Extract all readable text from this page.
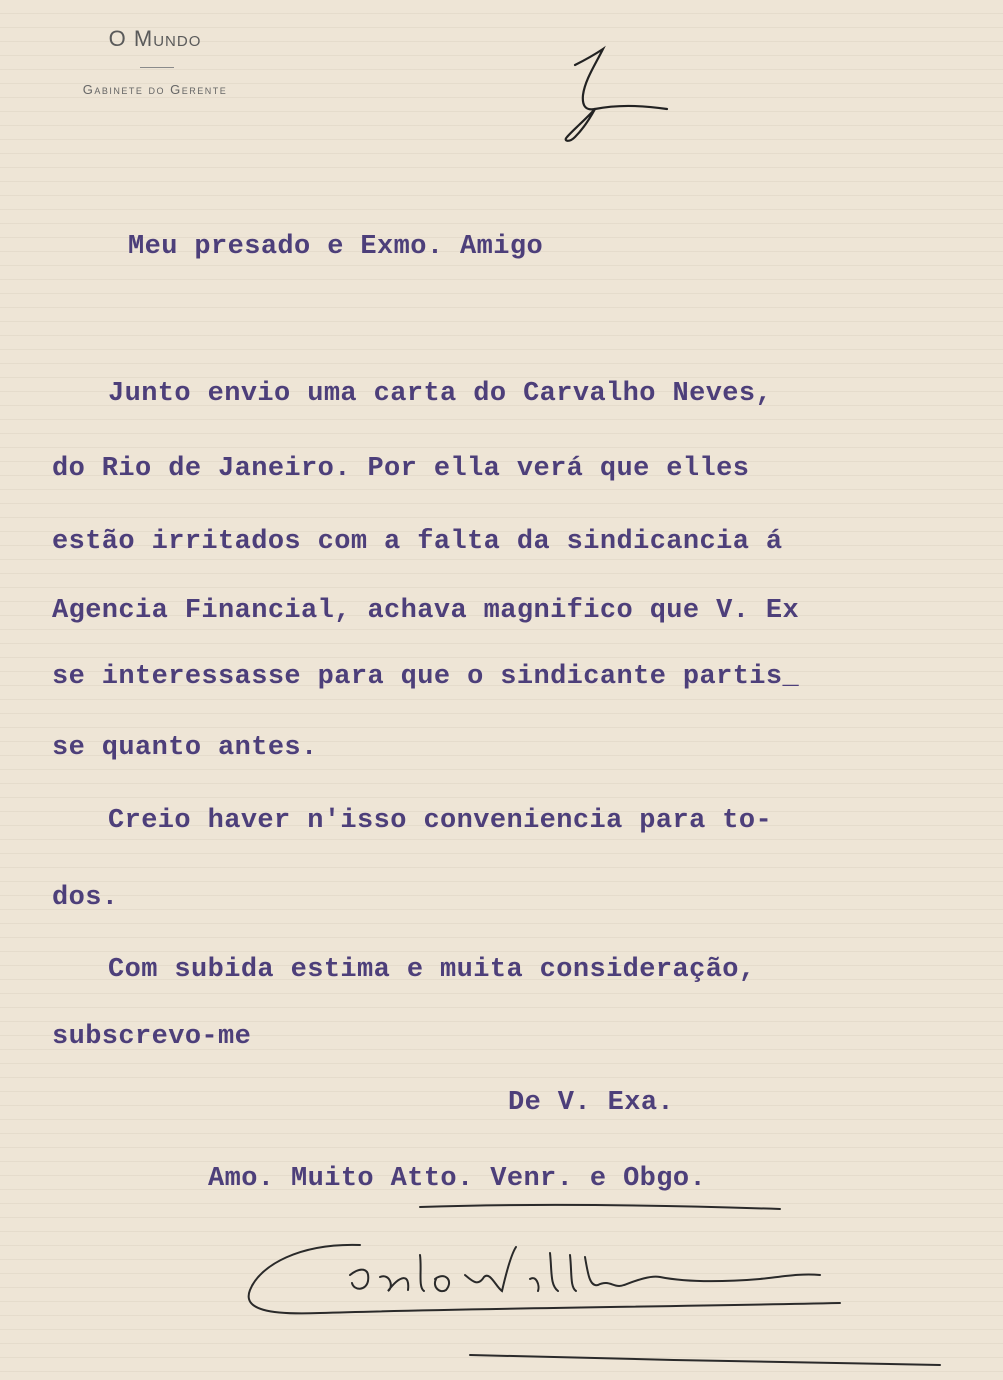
O Mundo
Gabinete do Gerente
Meu presado e Exmo. Amigo
Junto envio uma carta do Carvalho Neves,
do Rio de Janeiro. Por ella verá que elles
estão irritados com a falta da sindicancia á
Agencia Financial, achava magnifico que V. Ex
se interessasse para que o sindicante partis_
se quanto antes.
Creio haver n'isso conveniencia para to-
dos.
Com subida estima e muita consideração,
subscrevo-me
De V. Exa.
Amo. Muito Atto. Venr. e Obgo.
